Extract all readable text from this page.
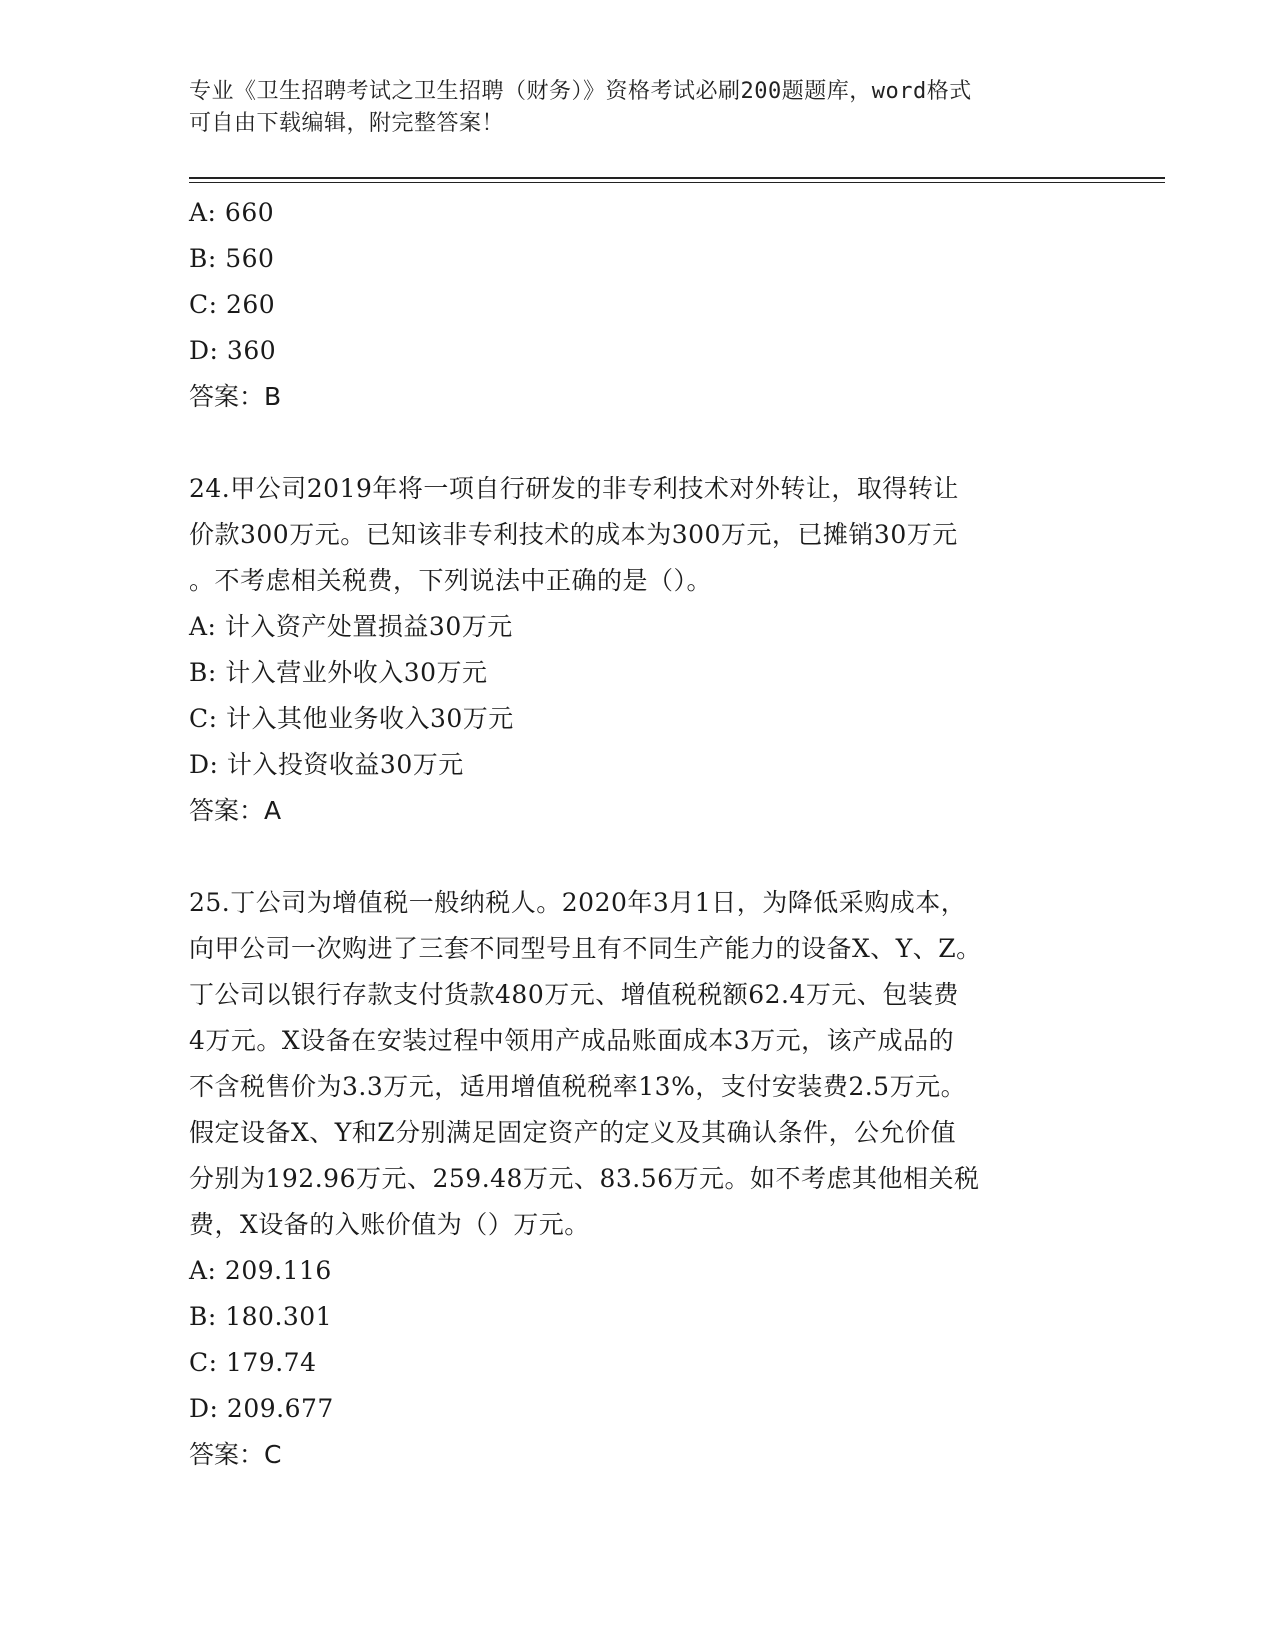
专业《卫生招聘考试之卫生招聘（财务）》资格考试必刷200题题库，word格式
可自由下载编辑，附完整答案！
A: 660
B: 560
C: 260
D: 360
答案：B
24.甲公司2019年将一项自行研发的非专利技术对外转让，取得转让
价款300万元。已知该非专利技术的成本为300万元，已摊销30万元
。不考虑相关税费，下列说法中正确的是（）。
A: 计入资产处置损益30万元
B: 计入营业外收入30万元
C: 计入其他业务收入30万元
D: 计入投资收益30万元
答案：A
25.丁公司为增值税一般纳税人。2020年3月1日，为降低采购成本，
向甲公司一次购进了三套不同型号且有不同生产能力的设备X、Y、Z。
丁公司以银行存款支付货款480万元、增值税税额62.4万元、包装费
4万元。X设备在安装过程中领用产成品账面成本3万元，该产成品的
不含税售价为3.3万元，适用增值税税率13%，支付安装费2.5万元。
假定设备X、Y和Z分别满足固定资产的定义及其确认条件，公允价值
分别为192.96万元、259.48万元、83.56万元。如不考虑其他相关税
费，X设备的入账价值为（）万元。
A: 209.116
B: 180.301
C: 179.74
D: 209.677
答案：C
